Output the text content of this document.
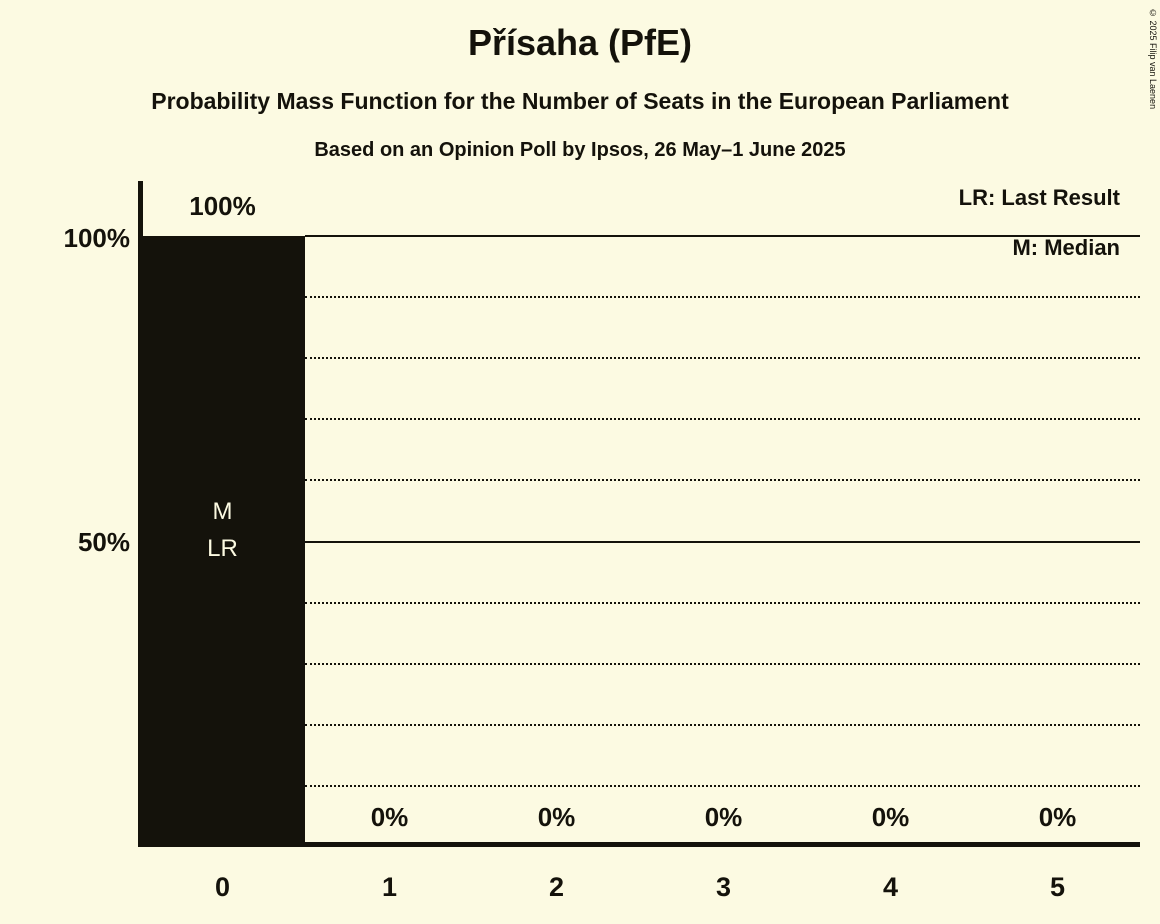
© 2025 Filip van Laenen
Přísaha (PfE)
Probability Mass Function for the Number of Seats in the European Parliament
Based on an Opinion Poll by Ipsos, 26 May–1 June 2025
100%
50%
LR: Last Result
M: Median
100%
0%	0%	0%	0%	0%
M
LR
0	1	2	3	4	5
